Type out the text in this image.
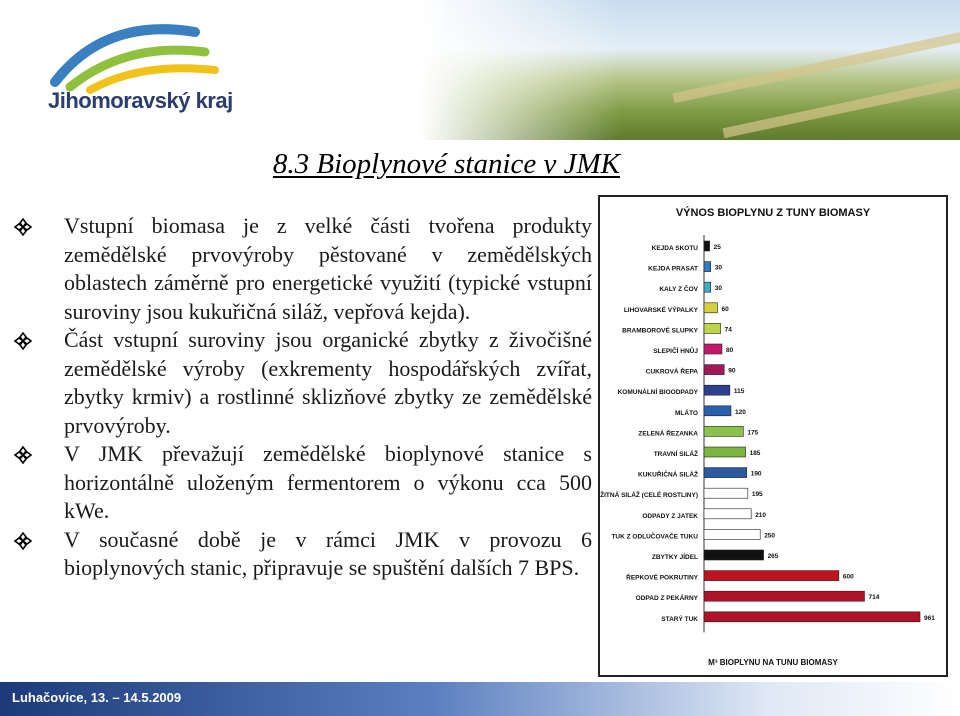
Jihomoravský kraj
8.3 Bioplynové stanice v JMK
Vstupní biomasa je z velké části tvořena produkty zemědělské prvovýroby pěstované v zemědělských oblastech záměrně pro energetické využití (typické vstupní suroviny jsou kukuřičná siláž, vepřová kejda).
Část vstupní suroviny jsou organické zbytky z živočišné zemědělské výroby (exkrementy hospodářských zvířat, zbytky krmiv) a rostlinné sklizňové zbytky ze zemědělské prvovýroby.
V JMK převažují zemědělské bioplynové stanice s horizontálně uloženým fermentorem o výkonu cca 500 kWe.
V současné době je v rámci JMK v provozu 6 bioplynových stanic, připravuje se spuštění dalších 7 BPS.
VÝNOS BIOPLYNU Z TUNY BIOMASY
KEJDA SKOTU 25
KEJDA PRASAT	30
KALY Z ČOV	30
LIHOVARSKÉ VÝPALKY	60
BRAMBOROVÉ SLUPKY	74
SLEPIČÍ HNŮJ	80
CUKROVÁ ŘEPA	90
KOMUNÁLNÍ BIOODPADY	115
MLÁTO	120
ZELENÁ ŘEZANKA	175
TRAVNÍ SILÁŽ	185
KUKUŘIČNÁ SILÁŽ	190
ŽITNÁ SILÁŽ (CELÉ ROSTLINY)	195
ODPADY Z JATEK	210
TUK Z ODLUČOVAČE TUKU	250
ZBYTKY JÍDEL	265
ŘEPKOVÉ POKRUTINY	600
ODPAD Z PEKÁRNY	714
STARÝ TUK	961
M³ BIOPLYNU NA TUNU BIOMASY
Luhačovice, 13. – 14.5.2009
